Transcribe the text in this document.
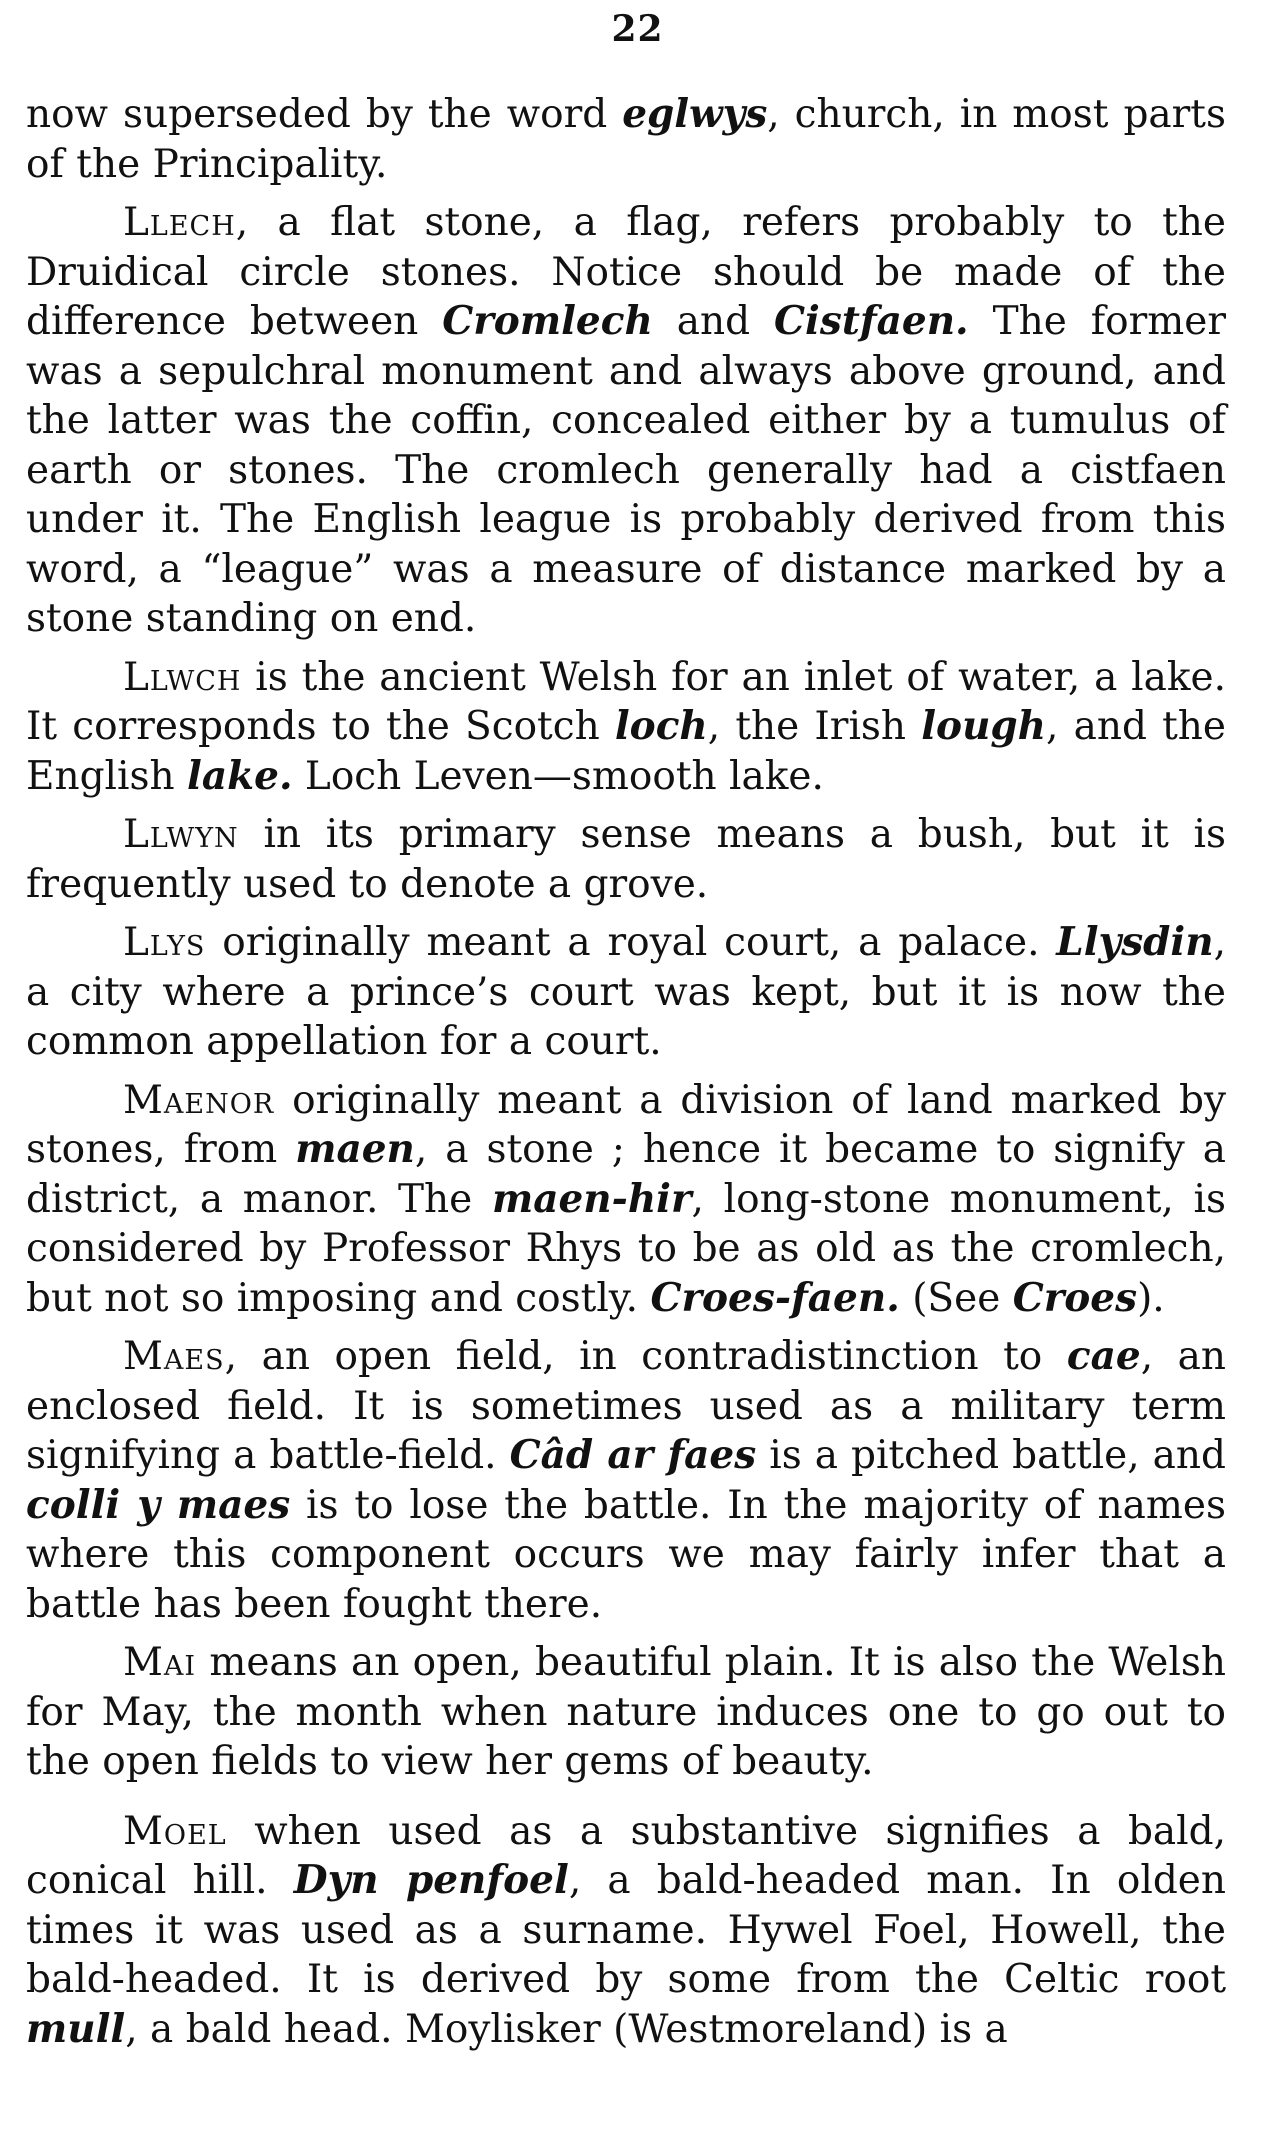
22

now superseded by the word eglwys, church, in most parts of the Principality.

Llech, a flat stone, a flag, refers probably to the Druidical circle stones. Notice should be made of the difference between Cromlech and Cistfaen. The former was a sepulchral monument and always above ground, and the latter was the coffin, concealed either by a tumulus of earth or stones. The cromlech generally had a cistfaen under it. The English league is probably derived from this word, a “league” was a measure of distance marked by a stone standing on end.

Llwch is the ancient Welsh for an inlet of water, a lake. It corresponds to the Scotch loch, the Irish lough, and the English lake. Loch Leven—smooth lake.

Llwyn in its primary sense means a bush, but it is frequently used to denote a grove.

Llys originally meant a royal court, a palace. Llysdin, a city where a prince’s court was kept, but it is now the common appellation for a court.

Maenor originally meant a division of land marked by stones, from maen, a stone ; hence it became to signify a district, a manor. The maen-hir, long-stone monument, is considered by Professor Rhys to be as old as the cromlech, but not so imposing and costly. Croes-faen. (See Croes).

Maes, an open field, in contradistinction to cae, an enclosed field. It is sometimes used as a military term signifying a battle-field. Câd ar faes is a pitched battle, and colli y maes is to lose the battle. In the majority of names where this component occurs we may fairly infer that a battle has been fought there.

Mai means an open, beautiful plain. It is also the Welsh for May, the month when nature induces one to go out to the open fields to view her gems of beauty.

Moel when used as a substantive signifies a bald, conical hill. Dyn penfoel, a bald-headed man. In olden times it was used as a surname. Hywel Foel, Howell, the bald-headed. It is derived by some from the Celtic root mull, a bald head. Moylisker (Westmoreland) is a
